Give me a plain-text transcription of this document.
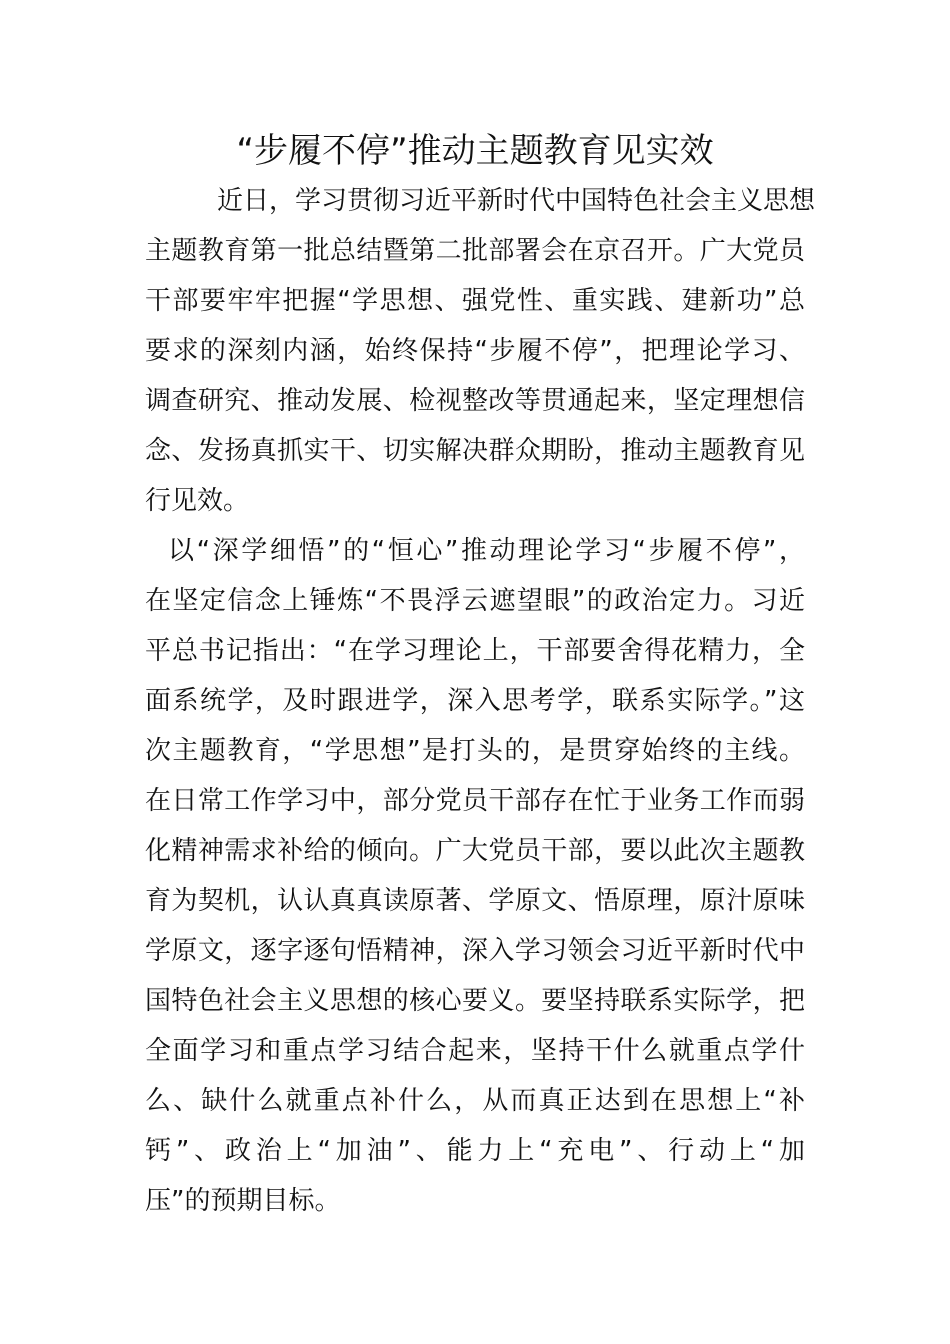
“步履不停”推动主题教育见实效

近日，学习贯彻习近平新时代中国特色社会主义思想

主题教育第一批总结暨第二批部署会在京召开。广大党员

干部要牢牢把握“学思想、强党性、重实践、建新功”总

要求的深刻内涵，始终保持“步履不停”，把理论学习、

调查研究、推动发展、检视整改等贯通起来，坚定理想信

念、发扬真抓实干、切实解决群众期盼，推动主题教育见

行见效。

以“深学细悟”的“恒心”推动理论学习“步履不停”，

在坚定信念上锤炼“不畏浮云遮望眼”的政治定力。习近

平总书记指出：“在学习理论上，干部要舍得花精力，全

面系统学，及时跟进学，深入思考学，联系实际学。”这

次主题教育，“学思想”是打头的，是贯穿始终的主线。

在日常工作学习中，部分党员干部存在忙于业务工作而弱

化精神需求补给的倾向。广大党员干部，要以此次主题教

育为契机，认认真真读原著、学原文、悟原理，原汁原味

学原文，逐字逐句悟精神，深入学习领会习近平新时代中

国特色社会主义思想的核心要义。要坚持联系实际学，把

全面学习和重点学习结合起来，坚持干什么就重点学什

么、缺什么就重点补什么，从而真正达到在思想上“补

钙”、政治上“加油”、能力上“充电”、行动上“加

压”的预期目标。
